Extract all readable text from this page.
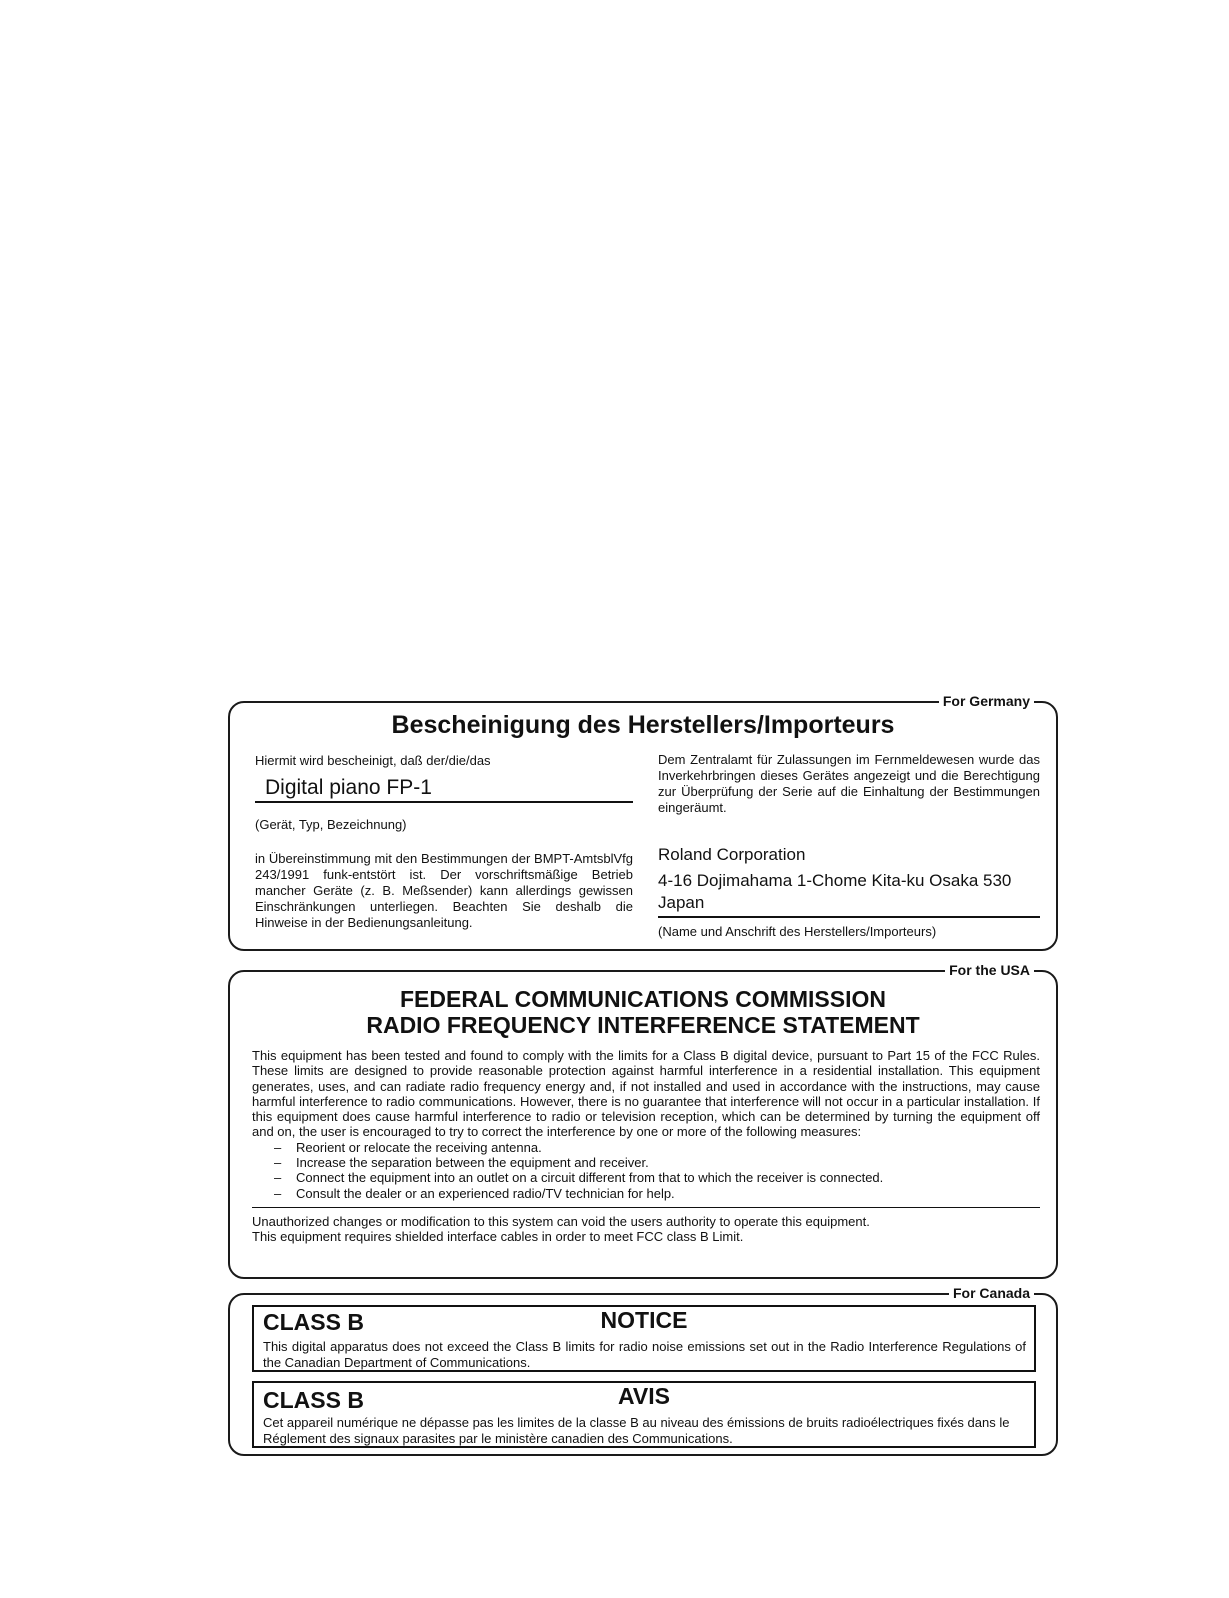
For Germany
Bescheinigung des Herstellers/Importeurs
Hiermit wird bescheinigt, daß der/die/das
Digital piano FP-1
(Gerät, Typ, Bezeichnung)
in Übereinstimmung mit den Bestimmungen der BMPT-AmtsblVfg 243/1991 funk-entstört ist. Der vorschriftsmäßige Betrieb mancher Geräte (z. B. Meßsender) kann allerdings gewissen Einschränkungen unterliegen. Beachten Sie deshalb die Hinweise in der Bedienungsanleitung.
Dem Zentralamt für Zulassungen im Fernmeldewesen wurde das Inverkehrbringen dieses Gerätes angezeigt und die Berechtigung zur Überprüfung der Serie auf die Einhaltung der Bestimmungen eingeräumt.
Roland Corporation
4-16 Dojimahama 1-Chome Kita-ku Osaka 530 Japan
(Name und Anschrift des Herstellers/Importeurs)
For the USA
FEDERAL COMMUNICATIONS COMMISSION
RADIO FREQUENCY INTERFERENCE STATEMENT
This equipment has been tested and found to comply with the limits for a Class B digital device, pursuant to Part 15 of the FCC Rules. These limits are designed to provide reasonable protection against harmful interference in a residential installation. This equipment generates, uses, and can radiate radio frequency energy and, if not installed and used in accordance with the instructions, may cause harmful interference to radio communications. However, there is no guarantee that interference will not occur in a particular installation. If this equipment does cause harmful interference to radio or television reception, which can be determined by turning the equipment off and on, the user is encouraged to try to correct the interference by one or more of the following measures:
– Reorient or relocate the receiving antenna.
– Increase the separation between the equipment and receiver.
– Connect the equipment into an outlet on a circuit different from that to which the receiver is connected.
– Consult the dealer or an experienced radio/TV technician for help.
Unauthorized changes or modification to this system can void the users authority to operate this equipment.
This equipment requires shielded interface cables in order to meet FCC class B Limit.
For Canada
NOTICE
CLASS B
This digital apparatus does not exceed the Class B limits for radio noise emissions set out in the Radio Interference Regulations of the Canadian Department of Communications.
AVIS
CLASS B
Cet appareil numérique ne dépasse pas les limites de la classe B au niveau des émissions de bruits radioélectriques fixés dans le Réglement des signaux parasites par le ministère canadien des Communications.
